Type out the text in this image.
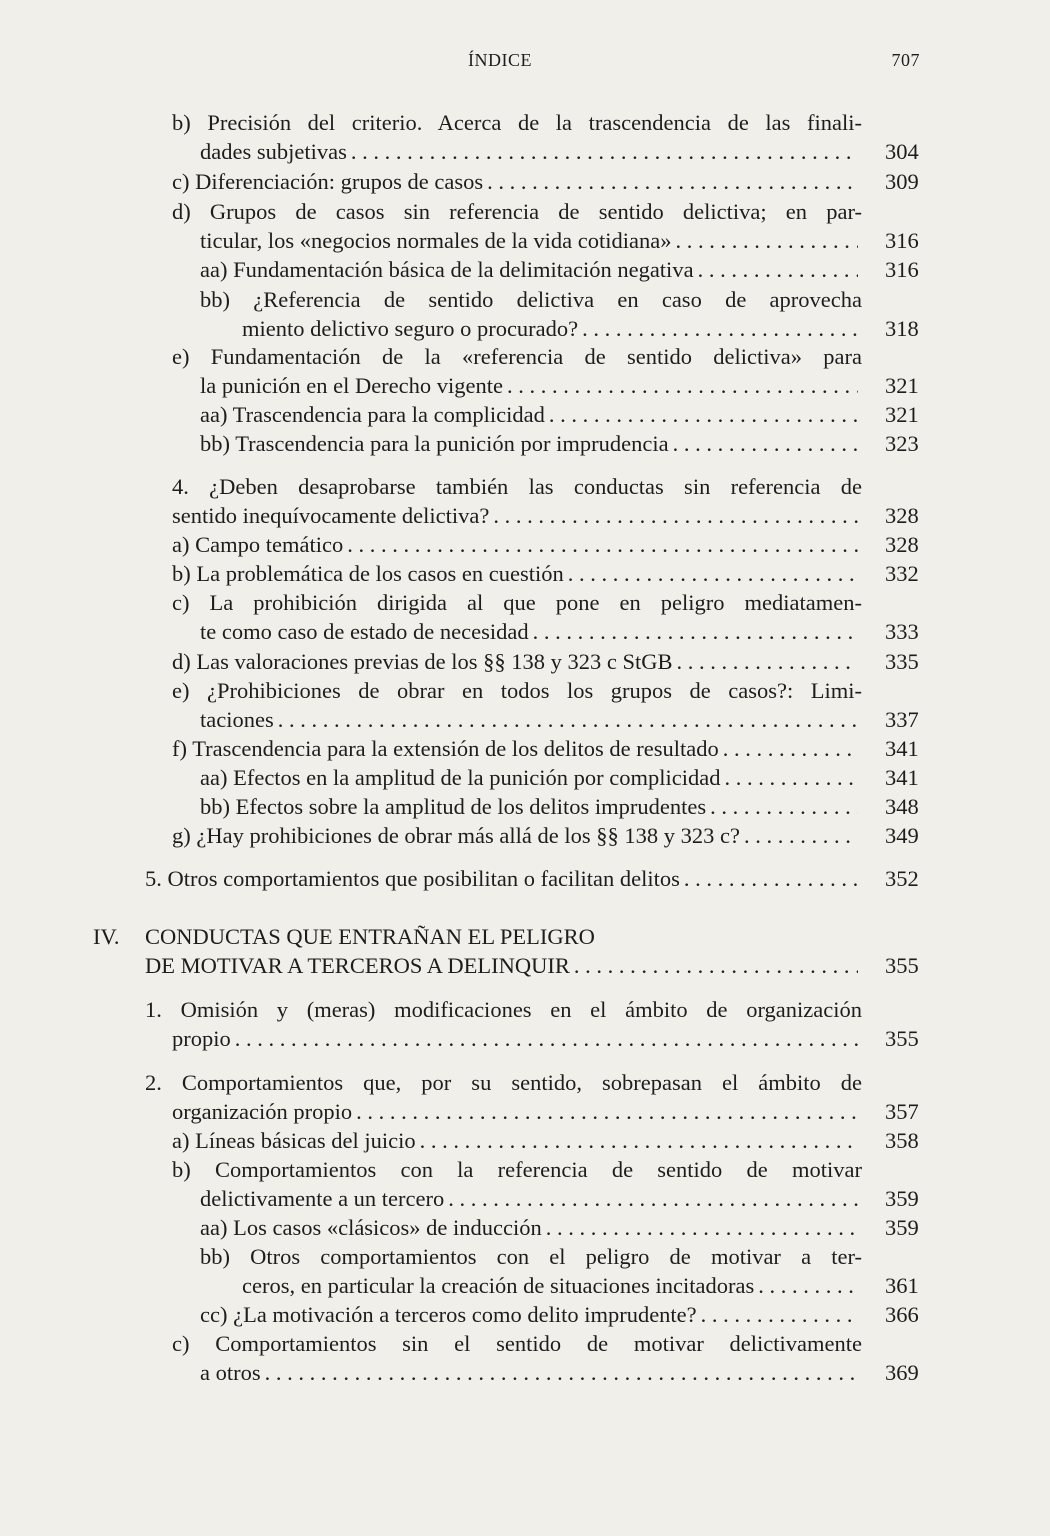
ÍNDICE	707
b) Precisión del criterio. Acerca de la trascendencia de las finali-
dades subjetivas . . .	304
c) Diferenciación: grupos de casos . . .	309
d) Grupos de casos sin referencia de sentido delictiva; en par-
ticular, los «negocios normales de la vida cotidiana» . . .	316
aa) Fundamentación básica de la delimitación negativa . . .	316
bb) ¿Referencia de sentido delictiva en caso de aprovecha
miento delictivo seguro o procurado? . . .	318
e) Fundamentación de la «referencia de sentido delictiva» para
la punición en el Derecho vigente . . .	321
aa) Trascendencia para la complicidad . . .	321
bb) Trascendencia para la punición por imprudencia . . .	323
4. ¿Deben desaprobarse también las conductas sin referencia de
sentido inequívocamente delictiva? . . .	328
a) Campo temático . . .	328
b) La problemática de los casos en cuestión . . .	332
c) La prohibición dirigida al que pone en peligro mediatamen-
te como caso de estado de necesidad . . .	333
d) Las valoraciones previas de los §§ 138 y 323 c StGB . . .	335
e) ¿Prohibiciones de obrar en todos los grupos de casos?: Limi-
taciones . . .	337
f) Trascendencia para la extensión de los delitos de resultado . . .	341
aa) Efectos en la amplitud de la punición por complicidad . . .	341
bb) Efectos sobre la amplitud de los delitos imprudentes . . .	348
g) ¿Hay prohibiciones de obrar más allá de los §§ 138 y 323 c? . . .	349
5. Otros comportamientos que posibilitan o facilitan delitos . . .	352
IV. CONDUCTAS QUE ENTRAÑAN EL PELIGRO
DE MOTIVAR A TERCEROS A DELINQUIR . . .	355
1. Omisión y (meras) modificaciones en el ámbito de organización
propio . . .	355
2. Comportamientos que, por su sentido, sobrepasan el ámbito de
organización propio . . .	357
a) Líneas básicas del juicio . . .	358
b) Comportamientos con la referencia de sentido de motivar
delictivamente a un tercero . . .	359
aa) Los casos «clásicos» de inducción . . .	359
bb) Otros comportamientos con el peligro de motivar a ter-
ceros, en particular la creación de situaciones incitadoras . . .	361
cc) ¿La motivación a terceros como delito imprudente? . . .	366
c) Comportamientos sin el sentido de motivar delictivamente
a otros . . .	369
